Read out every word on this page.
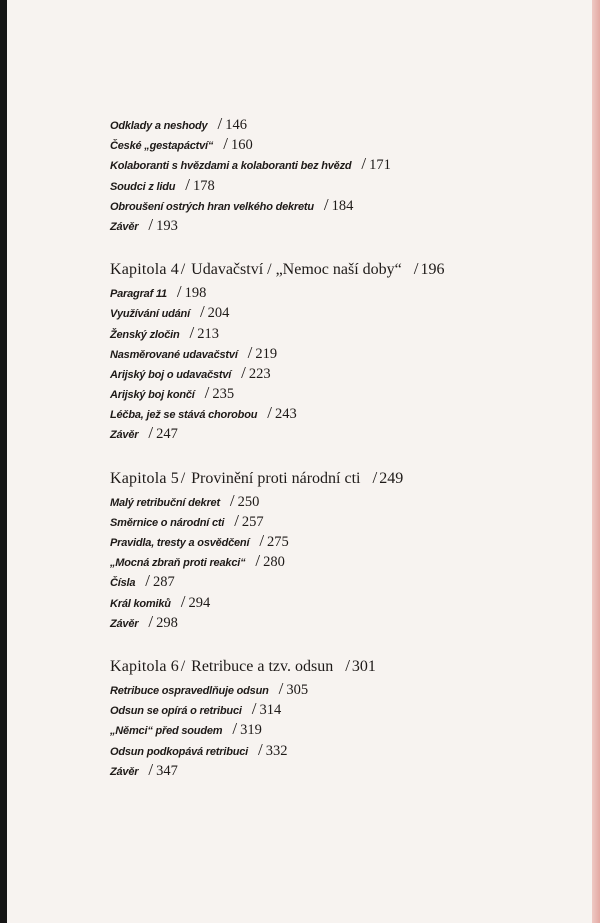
Odklady a neshody / 146
České „gestapáctví“ / 160
Kolaboranti s hvězdami a kolaboranti bez hvězd / 171
Soudci z lidu / 178
Obroušení ostrých hran velkého dekretu / 184
Závěr / 193
Kapitola 4 / Udavačství / „Nemoc naší doby“ / 196
Paragraf 11 / 198
Využívání udání / 204
Ženský zločin / 213
Nasměrované udavačství / 219
Arijský boj o udavačství / 223
Arijský boj končí / 235
Léčba, jež se stává chorobou / 243
Závěr / 247
Kapitola 5 / Provinění proti národní cti / 249
Malý retribuční dekret / 250
Směrnice o národní cti / 257
Pravidla, tresty a osvědčení / 275
„Mocná zbraň proti reakci“ / 280
Čísla / 287
Král komiků / 294
Závěr / 298
Kapitola 6 / Retribuce a tzv. odsun / 301
Retribuce ospravedlňuje odsun / 305
Odsun se opírá o retribuci / 314
„Němci“ před soudem / 319
Odsun podkopává retribuci / 332
Závěr / 347
